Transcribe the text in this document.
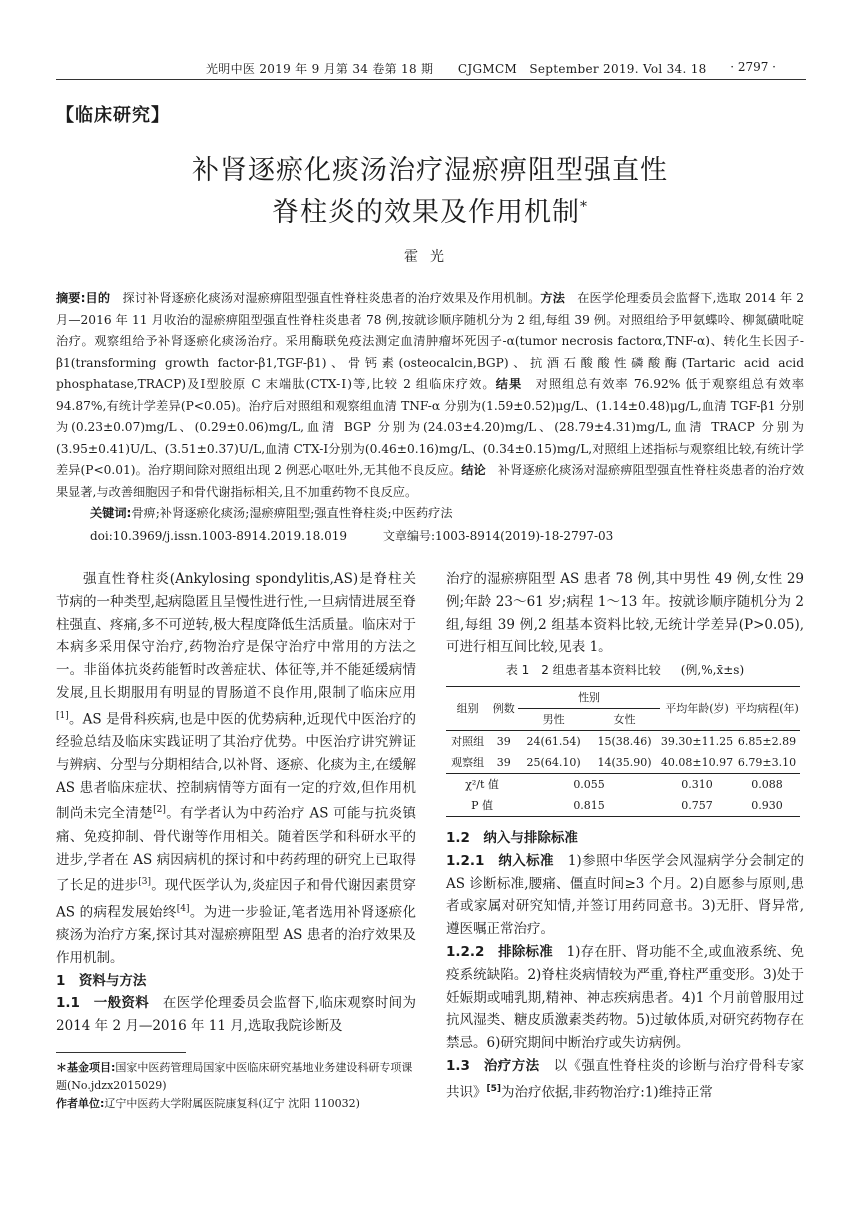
光明中医 2019 年 9 月第 34 卷第 18 期　　CJGMCM　September 2019. Vol 34. 18 · 2797 ·
【临床研究】
补肾逐瘀化痰汤治疗湿瘀痹阻型强直性
脊柱炎的效果及作用机制*
霍光
摘要:目的　探讨补肾逐瘀化痰汤对湿瘀痹阻型强直性脊柱炎患者的治疗效果及作用机制。方法　在医学伦理委员会监督下,选取 2014 年 2 月—2016 年 11 月收治的湿瘀痹阻型强直性脊柱炎患者 78 例,按就诊顺序随机分为 2 组,每组 39 例。对照组给予甲氨蝶呤、柳氮磺吡啶治疗。观察组给予补肾逐瘀化痰汤治疗。采用酶联免疫法测定血清肿瘤坏死因子-α(tumor necrosis factorα,TNF-α)、转化生长因子-β1(transforming growth factor-β1,TGF-β1)、骨钙素(osteocalcin,BGP)、抗酒石酸酸性磷酸酶(Tartaric acid acid phosphatase,TRACP)及Ⅰ型胶原 C 末端肽(CTX-Ⅰ)等,比较 2 组临床疗效。结果　对照组总有效率 76.92% 低于观察组总有效率 94.87%,有统计学差异(P<0.05)。治疗后对照组和观察组血清 TNF-α 分别为(1.59±0.52)μg/L、(1.14±0.48)μg/L,血清 TGF-β1 分别为(0.23±0.07)mg/L、(0.29±0.06)mg/L,血清 BGP 分别为(24.03±4.20)mg/L、(28.79±4.31)mg/L,血清 TRACP 分别为(3.95±0.41)U/L、(3.51±0.37)U/L,血清 CTX-Ⅰ分别为(0.46±0.16)mg/L、(0.34±0.15)mg/L,对照组上述指标与观察组比较,有统计学差异(P<0.01)。治疗期间除对照组出现 2 例恶心呕吐外,无其他不良反应。结论　补肾逐瘀化痰汤对湿瘀痹阻型强直性脊柱炎患者的治疗效果显著,与改善细胞因子和骨代谢指标相关,且不加重药物不良反应。
关键词:骨痹;补肾逐瘀化痰汤;湿瘀痹阻型;强直性脊柱炎;中医药疗法
doi:10.3969/j.issn.1003-8914.2019.18.019　　　文章编号:1003-8914(2019)-18-2797-03

强直性脊柱炎(Ankylosing spondylitis,AS)是脊柱关节病的一种类型,起病隐匿且呈慢性进行性,一旦病情进展至脊柱强直、疼痛,多不可逆转,极大程度降低生活质量。临床对于本病多采用保守治疗,药物治疗是保守治疗中常用的方法之一。非甾体抗炎药能暂时改善症状、体征等,并不能延缓病情发展,且长期服用有明显的胃肠道不良作用,限制了临床应用[1]。AS 是骨科疾病,也是中医的优势病种,近现代中医治疗的经验总结及临床实践证明了其治疗优势。中医治疗讲究辨证与辨病、分型与分期相结合,以补肾、逐瘀、化痰为主,在缓解 AS 患者临床症状、控制病情等方面有一定的疗效,但作用机制尚未完全清楚[2]。有学者认为中药治疗 AS 可能与抗炎镇痛、免疫抑制、骨代谢等作用相关。随着医学和科研水平的进步,学者在 AS 病因病机的探讨和中药药理的研究上已取得了长足的进步[3]。现代医学认为,炎症因子和骨代谢因素贯穿 AS 的病程发展始终[4]。为进一步验证,笔者选用补肾逐瘀化痰汤为治疗方案,探讨其对湿瘀痹阻型 AS 患者的治疗效果及作用机制。

1　资料与方法

1.1 一般资料　在医学伦理委员会监督下,临床观察时间为 2014 年 2 月—2016 年 11 月,选取我院诊断及

治疗的湿瘀痹阻型 AS 患者 78 例,其中男性 49 例,女性 29 例;年龄 23～61 岁;病程 1～13 年。按就诊顺序随机分为 2 组,每组 39 例,2 组基本资料比较,无统计学差异(P>0.05),可进行相互间比较,见表 1。

表 1　2 组患者基本资料比较 (例,%,x̄±s)
组别	例数	性别		平均年龄(岁)	平均病程(年)
		男性	女性		
对照组	39	24(61.54)	15(38.46)	39.30±11.25	6.85±2.89
观察组	39	25(64.10)	14(35.90)	40.08±10.97	6.79±3.10
χ²/t 值		0.055		0.310	0.088
P 值		0.815		0.757	0.930

1.2 纳入与排除标准

1.2.1 纳入标准　1)参照中华医学会风湿病学分会制定的 AS 诊断标准,腰痛、僵直时间≥3 个月。2)自愿参与原则,患者或家属对研究知情,并签订用药同意书。3)无肝、肾异常,遵医嘱正常治疗。

1.2.2 排除标准　1)存在肝、肾功能不全,或血液系统、免疫系统缺陷。2)脊柱炎病情较为严重,脊柱严重变形。3)处于妊娠期或哺乳期,精神、神志疾病患者。4)1 个月前曾服用过抗风湿类、糖皮质激素类药物。5)过敏体质,对研究药物存在禁忌。6)研究期间中断治疗或失访病例。

1.3 治疗方法　以《强直性脊柱炎的诊断与治疗骨科专家共识》[5]为治疗依据,非药物治疗:1)维持正常

＊基金项目:国家中医药管理局国家中医临床研究基地业务建设科研专项课题(No.jdzx2015029)
作者单位:辽宁中医药大学附属医院康复科(辽宁 沈阳 110032)
